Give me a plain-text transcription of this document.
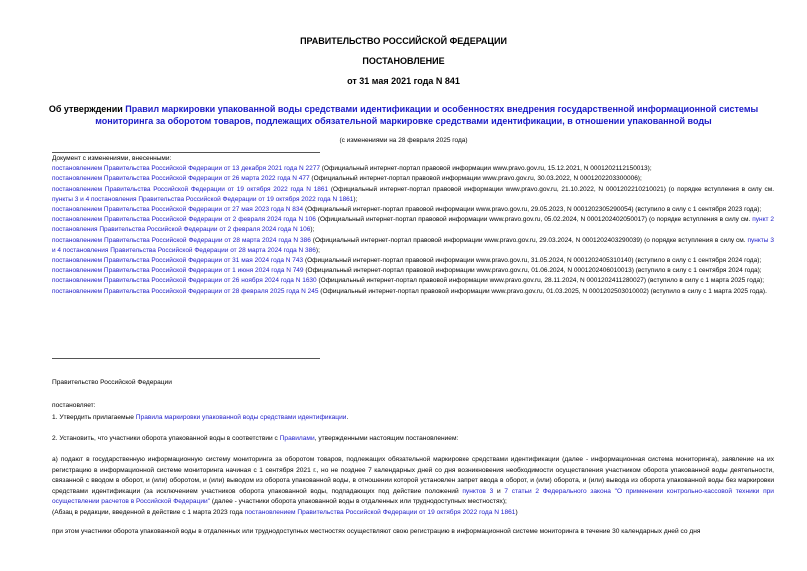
ПРАВИТЕЛЬСТВО РОССИЙСКОЙ ФЕДЕРАЦИИ
ПОСТАНОВЛЕНИЕ
от 31 мая 2021 года N 841
Об утверждении Правил маркировки упакованной воды средствами идентификации и особенностях внедрения государственной информационной системы мониторинга за оборотом товаров, подлежащих обязательной маркировке средствами идентификации, в отношении упакованной воды
(с изменениями на 28 февраля 2025 года)

Документ с изменениями, внесенными:

постановлением Правительства Российской Федерации от 13 декабря 2021 года N 2277 (Официальный интернет-портал правовой информации www.pravo.gov.ru, 15.12.2021, N 0001202112150013);

постановлением Правительства Российской Федерации от 26 марта 2022 года N 477 (Официальный интернет-портал правовой информации www.pravo.gov.ru, 30.03.2022, N 0001202203300006);

постановлением Правительства Российской Федерации от 19 октября 2022 года N 1861 (Официальный интернет-портал правовой информации www.pravo.gov.ru, 21.10.2022, N 0001202210210021) (о порядке вступления в силу см. пункты 3 и 4 постановления Правительства Российской Федерации от 19 октября 2022 года N 1861);

постановлением Правительства Российской Федерации от 27 мая 2023 года N 834 (Официальный интернет-портал правовой информации www.pravo.gov.ru, 29.05.2023, N 0001202305290054) (вступило в силу с 1 сентября 2023 года);

постановлением Правительства Российской Федерации от 2 февраля 2024 года N 106 (Официальный интернет-портал правовой информации www.pravo.gov.ru, 05.02.2024, N 0001202402050017) (о порядке вступления в силу см. пункт 2 постановления Правительства Российской Федерации от 2 февраля 2024 года N 106);

постановлением Правительства Российской Федерации от 28 марта 2024 года N 386 (Официальный интернет-портал правовой информации www.pravo.gov.ru, 29.03.2024, N 0001202403290039) (о порядке вступления в силу см. пункты 3 и 4 постановления Правительства Российской Федерации от 28 марта 2024 года N 386);

постановлением Правительства Российской Федерации от 31 мая 2024 года N 743 (Официальный интернет-портал правовой информации www.pravo.gov.ru, 31.05.2024, N 0001202405310140) (вступило в силу с 1 сентября 2024 года);

постановлением Правительства Российской Федерации от 1 июня 2024 года N 749 (Официальный интернет-портал правовой информации www.pravo.gov.ru, 01.06.2024, N 0001202406010013) (вступило в силу с 1 сентября 2024 года);

постановлением Правительства Российской Федерации от 26 ноября 2024 года N 1630 (Официальный интернет-портал правовой информации www.pravo.gov.ru, 28.11.2024, N 0001202411280027) (вступило в силу с 1 марта 2025 года);

постановлением Правительства Российской Федерации от 28 февраля 2025 года N 245 (Официальный интернет-портал правовой информации www.pravo.gov.ru, 01.03.2025, N 0001202503010002) (вступило в силу с 1 марта 2025 года).

Правительство Российской Федерации
постановляет:
1. Утвердить прилагаемые Правила маркировки упакованной воды средствами идентификации.
2. Установить, что участники оборота упакованной воды в соответствии с Правилами, утвержденными настоящим постановлением:

а) подают в государственную информационную систему мониторинга за оборотом товаров, подлежащих обязательной маркировке средствами идентификации (далее - информационная система мониторинга), заявление на их регистрацию в информационной системе мониторинга начиная с 1 сентября 2021 г., но не позднее 7 календарных дней со дня возникновения необходимости осуществления участником оборота упакованной воды деятельности, связанной с вводом в оборот, и (или) оборотом, и (или) выводом из оборота упакованной воды, в отношении которой установлен запрет ввода в оборот, и (или) оборота, и (или) вывода из оборота упакованной воды без маркировки средствами идентификации (за исключением участников оборота упакованной воды, подпадающих под действие положений пунктов 3 и 7 статьи 2 Федерального закона "О применении контрольно-кассовой техники при осуществлении расчетов в Российской Федерации" (далее - участники оборота упакованной воды в отдаленных или труднодоступных местностях);

(Абзац в редакции, введенной в действие с 1 марта 2023 года постановлением Правительства Российской Федерации от 19 октября 2022 года N 1861)

при этом участники оборота упакованной воды в отдаленных или труднодоступных местностях осуществляют свою регистрацию в информационной системе мониторинга в течение 30 календарных дней со дня
